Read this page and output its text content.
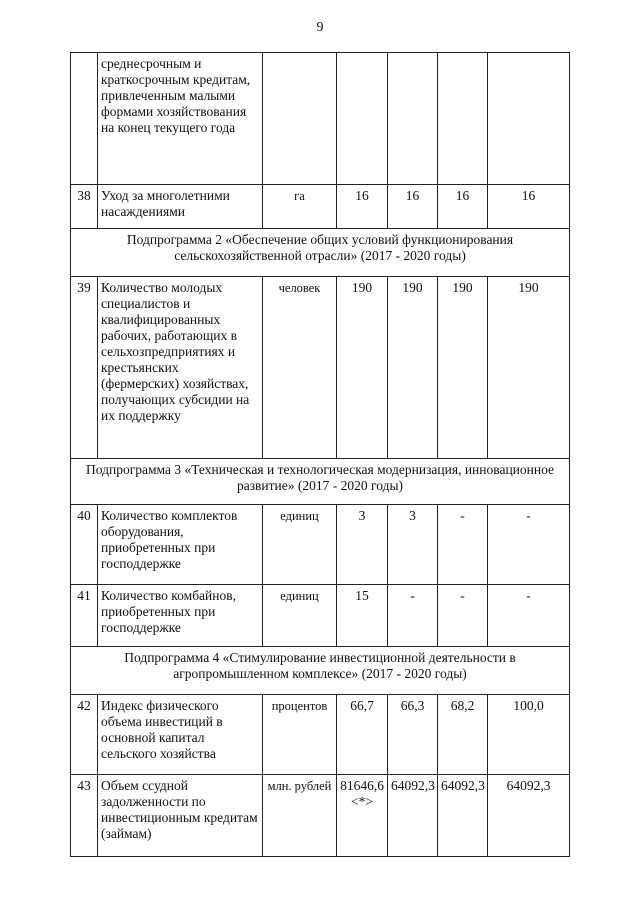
9
	среднесрочным и краткосрочным кредитам, привлеченным малыми формами хозяйствования на конец текущего года					
38	Уход за многолетними насаждениями	га	16	16	16	16
Подпрограмма 2 «Обеспечение общих условий функционирования сельскохозяйственной отрасли» (2017 - 2020 годы)						
39	Количество молодых специалистов и квалифицированных рабочих, работающих в сельхозпредприятиях и крестьянских (фермерских) хозяйствах, получающих субсидии на их поддержку	человек	190	190	190	190
Подпрограмма 3 «Техническая и технологическая модернизация, инновационное развитие» (2017 - 2020 годы)						
40	Количество комплектов оборудования, приобретенных при господдержке	единиц	3	3	-	-
41	Количество комбайнов, приобретенных при господдержке	единиц	15	-	-	-
Подпрограмма 4 «Стимулирование инвестиционной деятельности в агропромышленном комплексе» (2017 - 2020 годы)						
42	Индекс физического объема инвестиций в основной капитал сельского хозяйства	процентов	66,7	66,3	68,2	100,0
43	Объем ссудной задолженности по инвестиционным кредитам (займам)	млн. рублей	81646,6 <*>	64092,3	64092,3	64092,3
